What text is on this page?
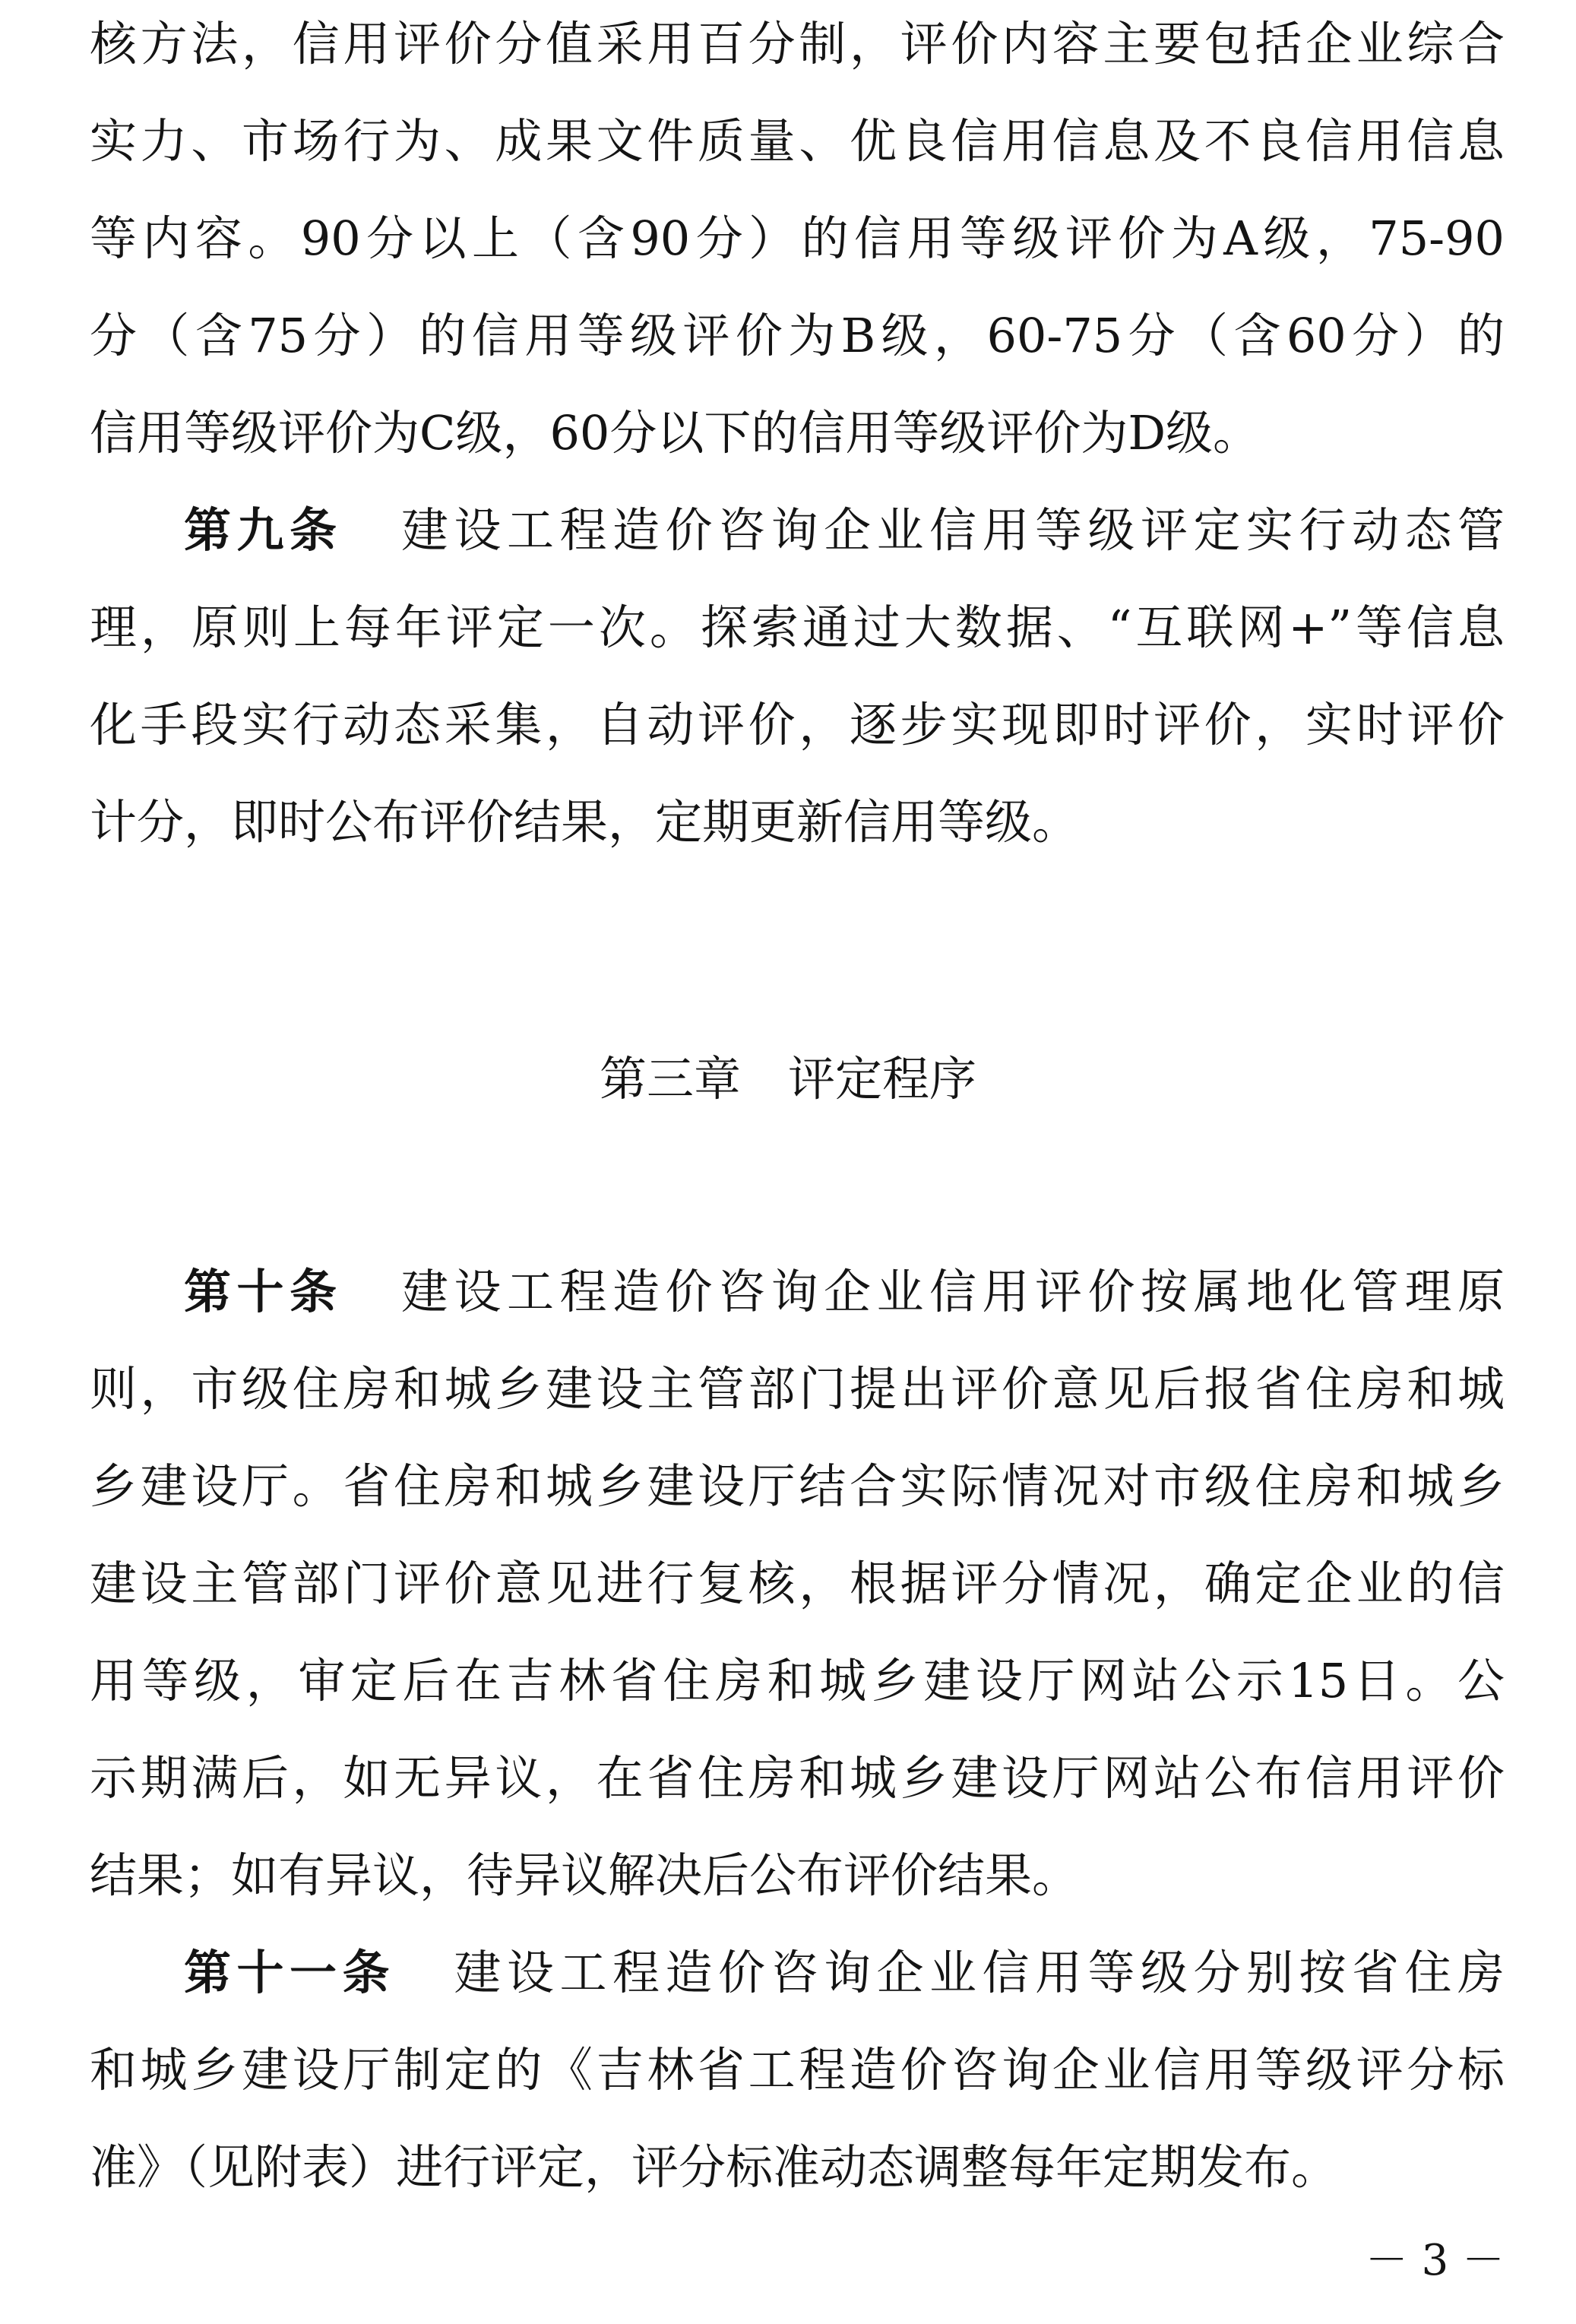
核方法，信用评价分值采用百分制，评价内容主要包括企业综合
实力、市场行为、成果文件质量、优良信用信息及不良信用信息
等内容。90分以上（含90分）的信用等级评价为A级，75-90
分（含75分）的信用等级评价为B级，60-75分（含60分）的
信用等级评价为C级，60分以下的信用等级评价为D级。
第九条 建设工程造价咨询企业信用等级评定实行动态管
理，原则上每年评定一次。探索通过大数据、“互联网+”等信息
化手段实行动态采集，自动评价，逐步实现即时评价，实时评价
计分，即时公布评价结果，定期更新信用等级。
第三章 评定程序
第十条 建设工程造价咨询企业信用评价按属地化管理原
则，市级住房和城乡建设主管部门提出评价意见后报省住房和城
乡建设厅。省住房和城乡建设厅结合实际情况对市级住房和城乡
建设主管部门评价意见进行复核，根据评分情况，确定企业的信
用等级，审定后在吉林省住房和城乡建设厅网站公示15日。公
示期满后，如无异议，在省住房和城乡建设厅网站公布信用评价
结果；如有异议，待异议解决后公布评价结果。
第十一条 建设工程造价咨询企业信用等级分别按省住房
和城乡建设厅制定的《吉林省工程造价咨询企业信用等级评分标
准》（见附表）进行评定，评分标准动态调整每年定期发布。
－ 3 －
